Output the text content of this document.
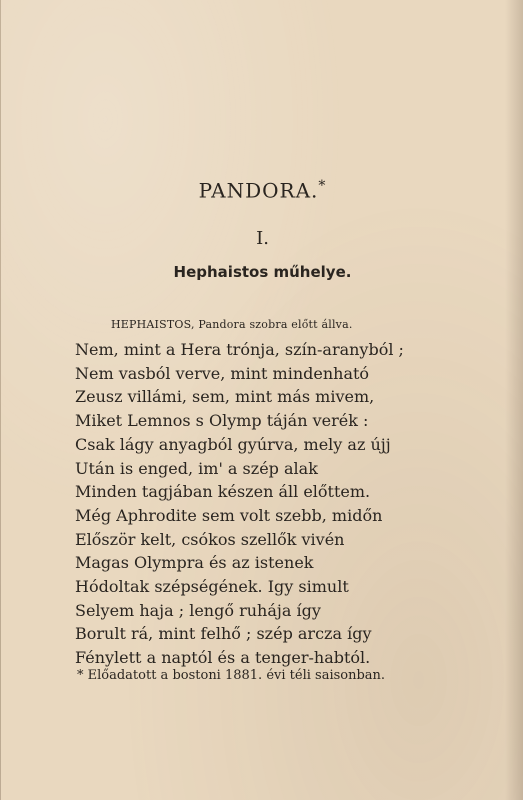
PANDORA.*
I.
Hephaistos műhelye.
HEPHAISTOS, Pandora szobra előtt állva.
Nem, mint a Hera trónja, szín-aranyból ;
Nem vasból verve, mint mindenható
Zeusz villámi, sem, mint más mivem,
Miket Lemnos s Olymp táján verék :
Csak lágy anyagból gyúrva, mely az újj
Után is enged, im' a szép alak
Minden tagjában készen áll előttem.
Még Aphrodite sem volt szebb, midőn
Először kelt, csókos szellők vivén
Magas Olympra és az istenek
Hódoltak szépségének. Igy simult
Selyem haja ; lengő ruhája így
Borult rá, mint felhő ; szép arcza így
Fénylett a naptól és a tenger-habtól.
* Előadatott a bostoni 1881. évi téli saisonban.
